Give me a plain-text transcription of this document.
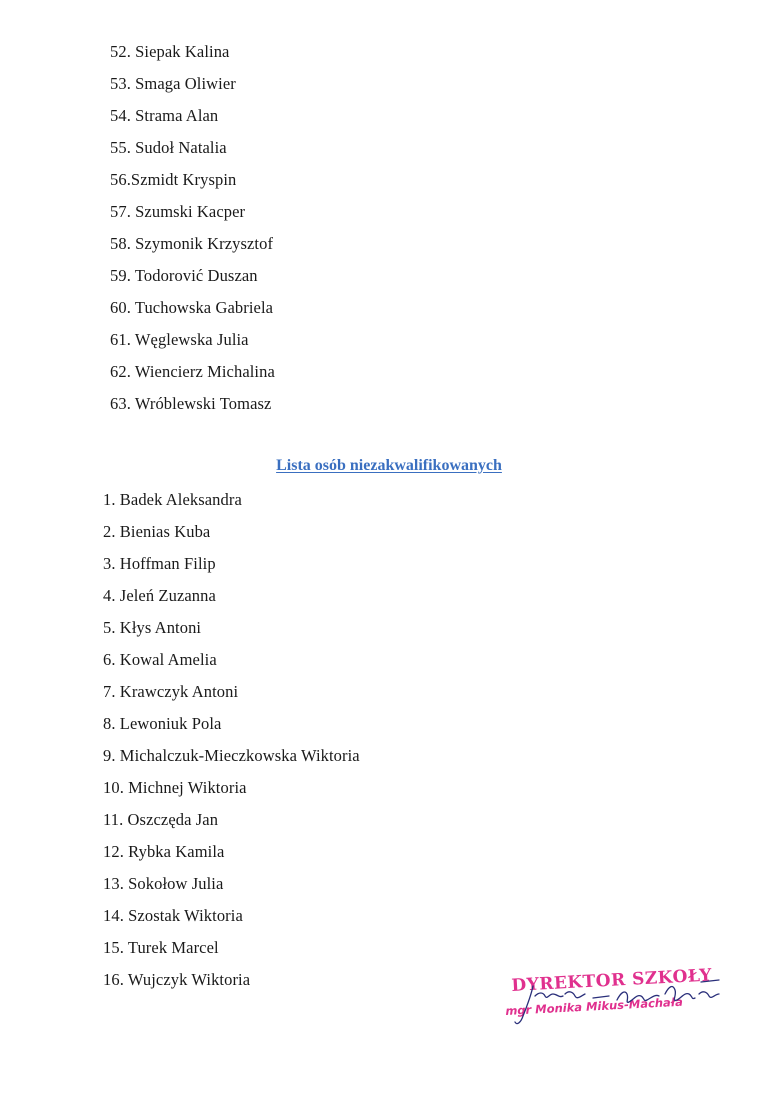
52. Siepak Kalina
53. Smaga Oliwier
54. Strama Alan
55. Sudoł Natalia
56.Szmidt Kryspin
57. Szumski Kacper
58. Szymonik Krzysztof
59. Todorović Duszan
60. Tuchowska Gabriela
61. Węglewska Julia
62. Wiencierz Michalina
63. Wróblewski Tomasz
Lista osób niezakwalifikowanych
1. Badek Aleksandra
2. Bienias Kuba
3. Hoffman Filip
4. Jeleń Zuzanna
5. Kłys Antoni
6. Kowal Amelia
7. Krawczyk Antoni
8. Lewoniuk Pola
9. Michalczuk-Mieczkowska Wiktoria
10. Michnej Wiktoria
11. Oszczęda Jan
12. Rybka Kamila
13. Sokołow Julia
14. Szostak Wiktoria
15. Turek Marcel
16. Wujczyk Wiktoria	DYREKTOR SZKOŁY
mgr Monika Mikus-Machała
